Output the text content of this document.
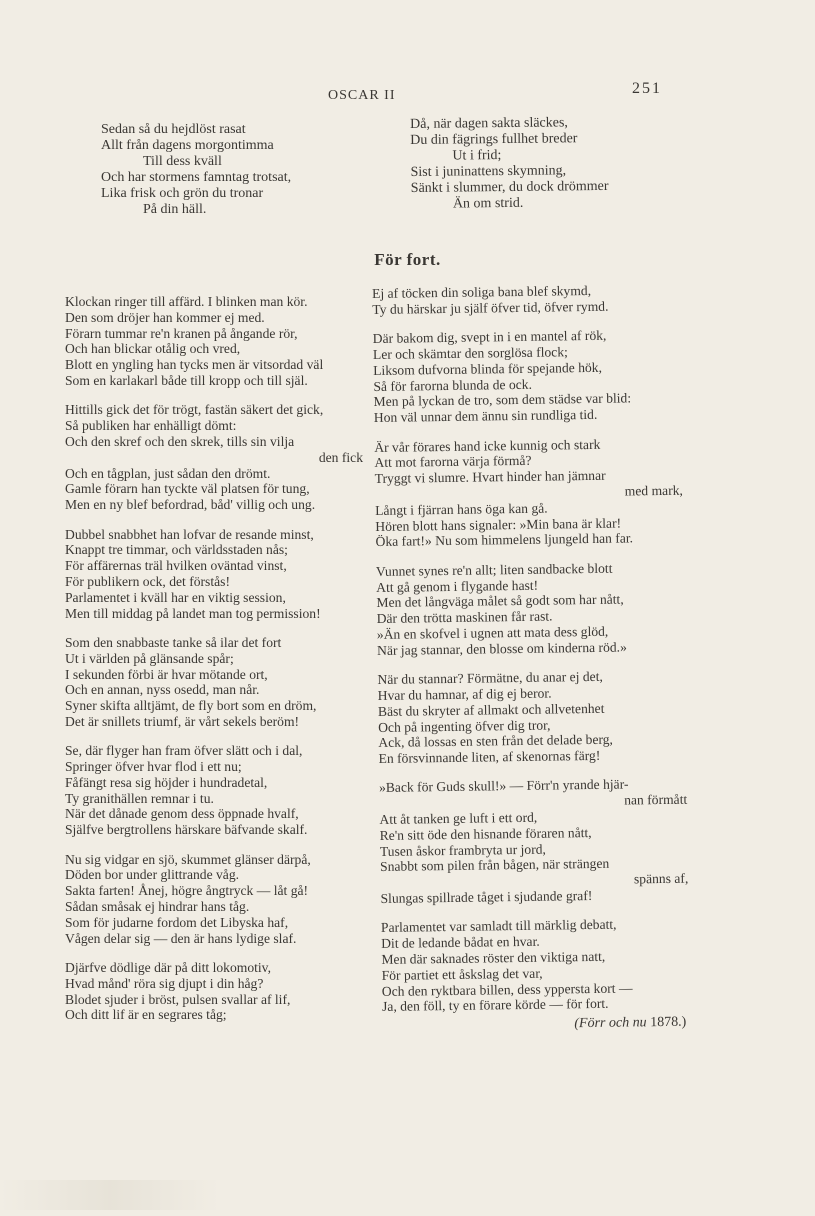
OSCAR II	251
Sedan så du hejdlöst rasat
Allt från dagens morgontimma
Till dess kväll
Och har stormens famntag trotsat,
Lika frisk och grön du tronar
På din häll.
Då, när dagen sakta släckes,
Du din fägrings fullhet breder
Ut i frid;
Sist i juninattens skymning,
Sänkt i slummer, du dock drömmer
Än om strid.
För fort.
Klockan ringer till affärd. I blinken man kör.
Den som dröjer han kommer ej med.
Förarn tummar re'n kranen på ångande rör,
Och han blickar otålig och vred,
Blott en yngling han tycks men är vitsordad väl
Som en karlakarl både till kropp och till själ.
Hittills gick det för trögt, fastän säkert det gick,
Så publiken har enhälligt dömt:
Och den skref och den skrek, tills sin vilja
den fick
Och en tågplan, just sådan den drömt.
Gamle förarn han tyckte väl platsen för tung,
Men en ny blef befordrad, båd' villig och ung.
Dubbel snabbhet han lofvar de resande minst,
Knappt tre timmar, och världsstaden nås;
För affärernas träl hvilken oväntad vinst,
För publikern ock, det förstås!
Parlamentet i kväll har en viktig session,
Men till middag på landet man tog permission!
Som den snabbaste tanke så ilar det fort
Ut i världen på glänsande spår;
I sekunden förbi är hvar mötande ort,
Och en annan, nyss osedd, man når.
Syner skifta alltjämt, de fly bort som en dröm,
Det är snillets triumf, är vårt sekels beröm!
Se, där flyger han fram öfver slätt och i dal,
Springer öfver hvar flod i ett nu;
Fåfängt resa sig höjder i hundradetal,
Ty granithällen remnar i tu.
När det dånade genom dess öppnade hvalf,
Själfve bergtrollens härskare bäfvande skalf.
Nu sig vidgar en sjö, skummet glänser därpå,
Döden bor under glittrande våg.
Sakta farten! Ånej, högre ångtryck — låt gå!
Sådan småsak ej hindrar hans tåg.
Som för judarne fordom det Libyska haf,
Vågen delar sig — den är hans lydige slaf.
Djärfve dödlige där på ditt lokomotiv,
Hvad månd' röra sig djupt i din håg?
Blodet sjuder i bröst, pulsen svallar af lif,
Och ditt lif är en segrares tåg;
Ej af töcken din soliga bana blef skymd,
Ty du härskar ju själf öfver tid, öfver rymd.
Där bakom dig, svept in i en mantel af rök,
Ler och skämtar den sorglösa flock;
Liksom dufvorna blinda för spejande hök,
Så för farorna blunda de ock.
Men på lyckan de tro, som dem städse var blid:
Hon väl unnar dem ännu sin rundliga tid.
Är vår förares hand icke kunnig och stark
Att mot farorna värja förmå?
Tryggt vi slumre. Hvart hinder han jämnar
med mark,
Långt i fjärran hans öga kan gå.
Hören blott hans signaler: »Min bana är klar!
Öka fart!» Nu som himmelens ljungeld han far.
Vunnet synes re'n allt; liten sandbacke blott
Att gå genom i flygande hast!
Men det långväga målet så godt som har nått,
Där den trötta maskinen får rast.
»Än en skofvel i ugnen att mata dess glöd,
När jag stannar, den blosse om kinderna röd.»
När du stannar? Förmätne, du anar ej det,
Hvar du hamnar, af dig ej beror.
Bäst du skryter af allmakt och allvetenhet
Och på ingenting öfver dig tror,
Ack, då lossas en sten från det delade berg,
En försvinnande liten, af skenornas färg!
»Back för Guds skull!» — Förr'n yrande hjär-
nan förmått
Att åt tanken ge luft i ett ord,
Re'n sitt öde den hisnande föraren nått,
Tusen åskor frambryta ur jord,
Snabbt som pilen från bågen, när strängen
spänns af,
Slungas spillrade tåget i sjudande graf!
Parlamentet var samladt till märklig debatt,
Dit de ledande bådat en hvar.
Men där saknades röster den viktiga natt,
För partiet ett åskslag det var,
Och den ryktbara billen, dess yppersta kort —
Ja, den föll, ty en förare körde — för fort.
(Förr och nu 1878.)
